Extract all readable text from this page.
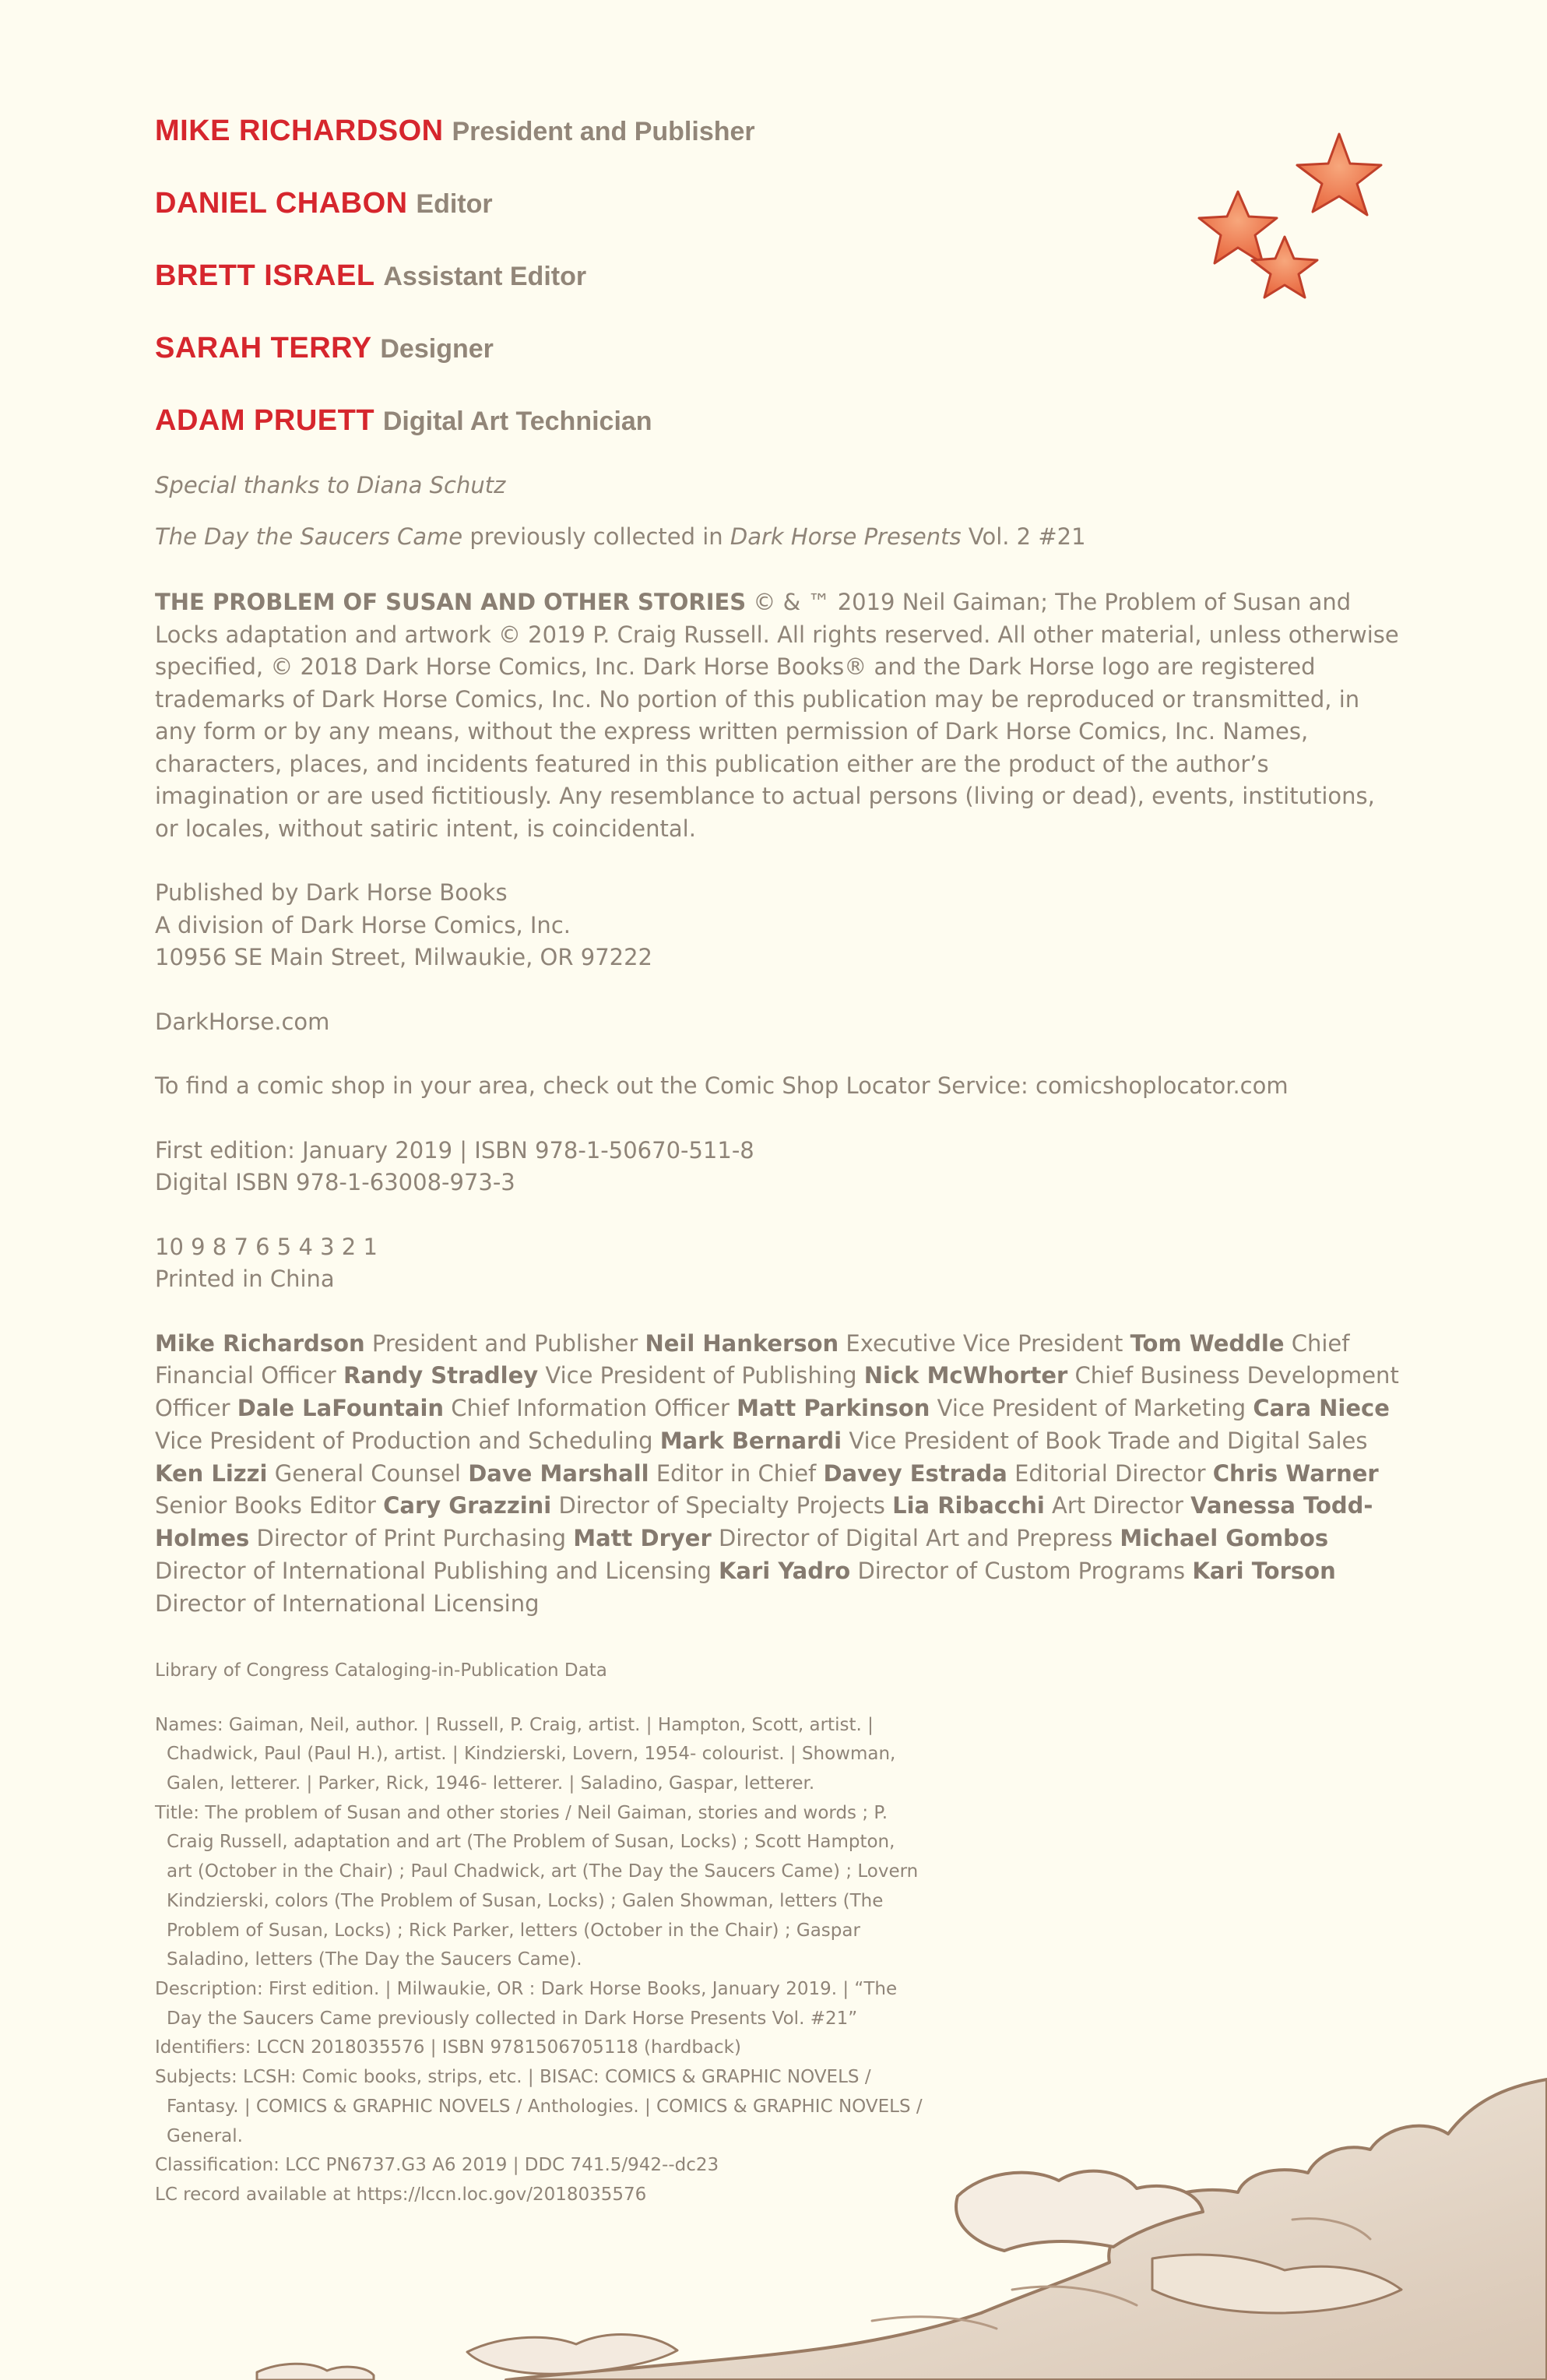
MIKE RICHARDSON President and Publisher
DANIEL CHABON Editor
BRETT ISRAEL Assistant Editor
SARAH TERRY Designer
ADAM PRUETT Digital Art Technician

Special thanks to Diana Schutz

The Day the Saucers Came previously collected in Dark Horse Presents Vol. 2 #21

THE PROBLEM OF SUSAN AND OTHER STORIES © & ™ 2019 Neil Gaiman; The Problem of Susan and Locks adaptation and artwork © 2019 P. Craig Russell. All rights reserved. All other material, unless otherwise specified, © 2018 Dark Horse Comics, Inc. Dark Horse Books® and the Dark Horse logo are registered trademarks of Dark Horse Comics, Inc. No portion of this publication may be reproduced or transmitted, in any form or by any means, without the express written permission of Dark Horse Comics, Inc. Names, characters, places, and incidents featured in this publication either are the product of the author’s imagination or are used fictitiously. Any resemblance to actual persons (living or dead), events, institutions, or locales, without satiric intent, is coincidental.

Published by Dark Horse Books
A division of Dark Horse Comics, Inc.
10956 SE Main Street, Milwaukie, OR 97222

DarkHorse.com

To find a comic shop in your area, check out the Comic Shop Locator Service: comicshoplocator.com

First edition: January 2019 | ISBN 978-1-50670-511-8
Digital ISBN 978-1-63008-973-3

10 9 8 7 6 5 4 3 2 1
Printed in China

Mike Richardson President and Publisher Neil Hankerson Executive Vice President Tom Weddle Chief Financial Officer Randy Stradley Vice President of Publishing Nick McWhorter Chief Business Development Officer Dale LaFountain Chief Information Officer Matt Parkinson Vice President of Marketing Cara Niece Vice President of Production and Scheduling Mark Bernardi Vice President of Book Trade and Digital Sales Ken Lizzi General Counsel Dave Marshall Editor in Chief Davey Estrada Editorial Director Chris Warner Senior Books Editor Cary Grazzini Director of Specialty Projects Lia Ribacchi Art Director Vanessa Todd-Holmes Director of Print Purchasing Matt Dryer Director of Digital Art and Prepress Michael Gombos Director of International Publishing and Licensing Kari Yadro Director of Custom Programs Kari Torson Director of International Licensing

Library of Congress Cataloging-in-Publication Data

Names: Gaiman, Neil, author. | Russell, P. Craig, artist. | Hampton, Scott, artist. | Chadwick, Paul (Paul H.), artist. | Kindzierski, Lovern, 1954- colourist. | Showman, Galen, letterer. | Parker, Rick, 1946- letterer. | Saladino, Gaspar, letterer.
Title: The problem of Susan and other stories / Neil Gaiman, stories and words ; P. Craig Russell, adaptation and art (The Problem of Susan, Locks) ; Scott Hampton, art (October in the Chair) ; Paul Chadwick, art (The Day the Saucers Came) ; Lovern Kindzierski, colors (The Problem of Susan, Locks) ; Galen Showman, letters (The Problem of Susan, Locks) ; Rick Parker, letters (October in the Chair) ; Gaspar Saladino, letters (The Day the Saucers Came).
Description: First edition. | Milwaukie, OR : Dark Horse Books, January 2019. | “The Day the Saucers Came previously collected in Dark Horse Presents Vol. #21”
Identifiers: LCCN 2018035576 | ISBN 9781506705118 (hardback)
Subjects: LCSH: Comic books, strips, etc. | BISAC: COMICS & GRAPHIC NOVELS / Fantasy. | COMICS & GRAPHIC NOVELS / Anthologies. | COMICS & GRAPHIC NOVELS / General.
Classification: LCC PN6737.G3 A6 2019 | DDC 741.5/942--dc23
LC record available at https://lccn.loc.gov/2018035576
